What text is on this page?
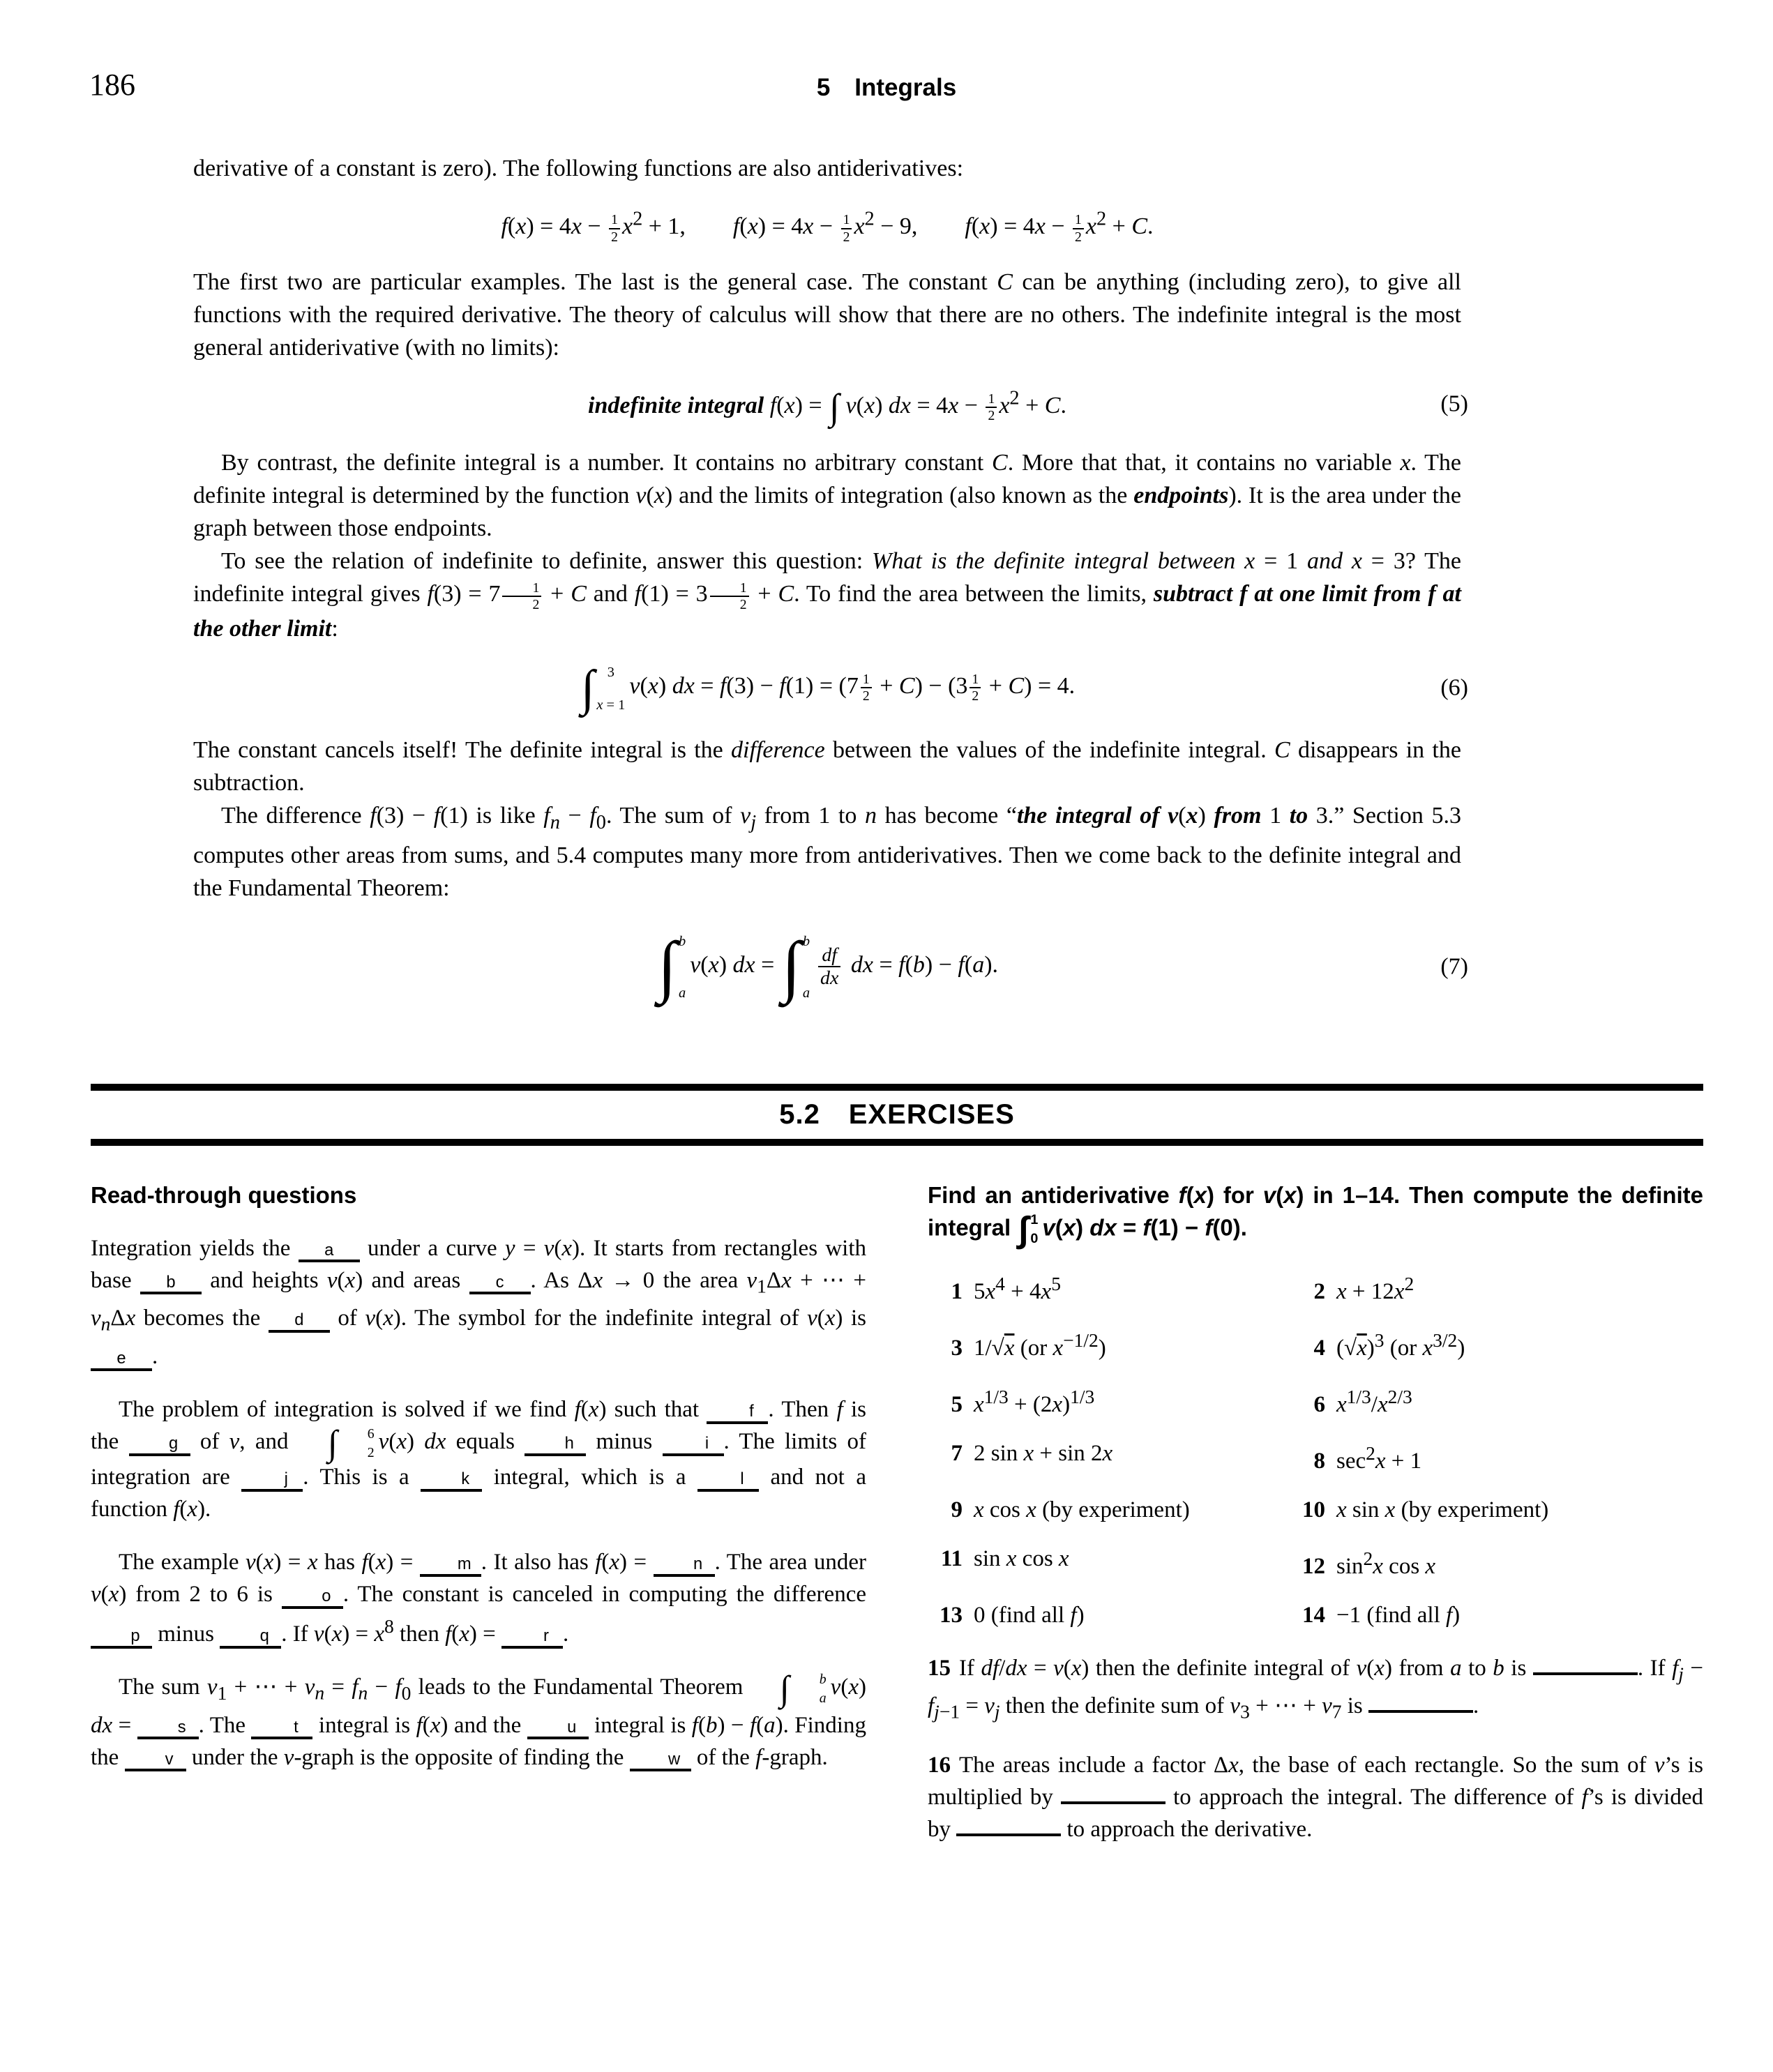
186	5 Integrals

derivative of a constant is zero). The following functions are also antiderivatives:

$f(x) = 4x - \frac{1}{2} x^2 + 1$,  $f(x) = 4x - \frac{1}{2} x^2 - 9$,  $f(x) = 4x - \frac{1}{2} x^2 + C$.

The first two are particular examples. The last is the general case. The constant C can be anything (including zero), to give all functions with the required derivative. The theory of calculus will show that there are no others. The indefinite integral is the most general antiderivative (with no limits):

indefinite integral f(x) = ∫v(x) dx = $4x - \frac{1}{2} x^2 + C$.	(5)

By contrast, the definite integral is a number. It contains no arbitrary constant C. More that that, it contains no variable x. The definite integral is determined by the function v(x) and the limits of integration (also known as the endpoints). It is the area under the graph between those endpoints.

To see the relation of indefinite to definite, answer this question: What is the definite integral between x = 1 and x = 3? The indefinite integral gives $f(3) = 7 \frac{1}{2} + C$ and $f(1) = 3 \frac{1}{2} + C$. To find the area between the limits, subtract f at one limit from f at the other limit:

∫ 3
x = 1
v(x) dx = $f(3) - f(1) = (7 \frac{1}{2} + C) - (3 \frac{1}{2} + C) = 4$.	(6)

The constant cancels itself! The definite integral is the difference between the values of the indefinite integral. C disappears in the subtraction.

The difference f(3) − f(1) is like $f_n - f_0$. The sum of $v_j$ from 1 to n has become “the integral of v(x) from 1 to 3.” Section 5.3 computes other areas from sums, and 5.4 computes many more from antiderivatives. Then we come back to the definite integral and the Fundamental Theorem:

∫ b
a
v(x) dx =
∫ b
a
$\frac{df}{dx}$ dx = f(b) − f(a).	(7)
5.2 EXERCISES
Read-through questions

Integration yields the a under a curve y = v(x). It starts from rectangles with base b and heights v(x) and areas c . As Δx → 0 the area $v_1\Delta x$ + ⋯ + $v_n\Delta x$ becomes the d of v(x). The symbol for the indefinite integral of v(x) is e .

The problem of integration is solved if we find f(x) such that	f . Then f is the g of v, and	∫ 6
2 v(x) dx equals h minus	i . The limits of integration are	j . This is a k integral, which is a	l and not a function f(x).

The example v(x) = x has f(x) = m . It also has f(x) = n . The area under v(x) from 2 to 6 is o . The constant is canceled in computing the difference p minus q . If $v(x) = x^8$ then f(x) =	r .

The sum $v_1$ + ⋯ + $v_n = f_n - f_0$ leads to the Fundamental Theorem	∫ b
a v(x) dx = s . The	t integral is f(x) and the u integral is f(b) − f(a). Finding the v under the v-graph is the opposite of finding the w of the f-graph.

Find an antiderivative f(x) for v(x) in 1–14. Then compute the definite integral ∫ 1
0 v(x) dx = f(1) − f(0).

1 $5x^4 + 4x^5$	2 $x + 12x^2$
3 1/ √ $\overline{x}$ (or $x^{-1/2}$)	4 ( √ $\overline{x})^3$ (or $x^{3/2}$)
5 $x^{1/3} + (2x)^{1/3}$	6 $x^{1/3}/x^{2/3}$
7 2 sin x + sin 2x	8 $\sec^2x + 1$
9 x cos x (by experiment)	10 x sin x (by experiment)
11 sin x cos x	12 $\sin^2x$ cos x
13 0 (find all f)	14 −1 (find all f)

15 If df/dx = v(x) then the definite integral of v(x) from a to b is	. If $f_j - f_{j-1} = v_j$ then the definite sum of $v_3$ + ⋯ + $v_7$ is	.

16 The areas include a factor Δx, the base of each rectangle. So the sum of v’s is multiplied by	to approach the integral. The difference of f’s is divided by	to approach the derivative.
